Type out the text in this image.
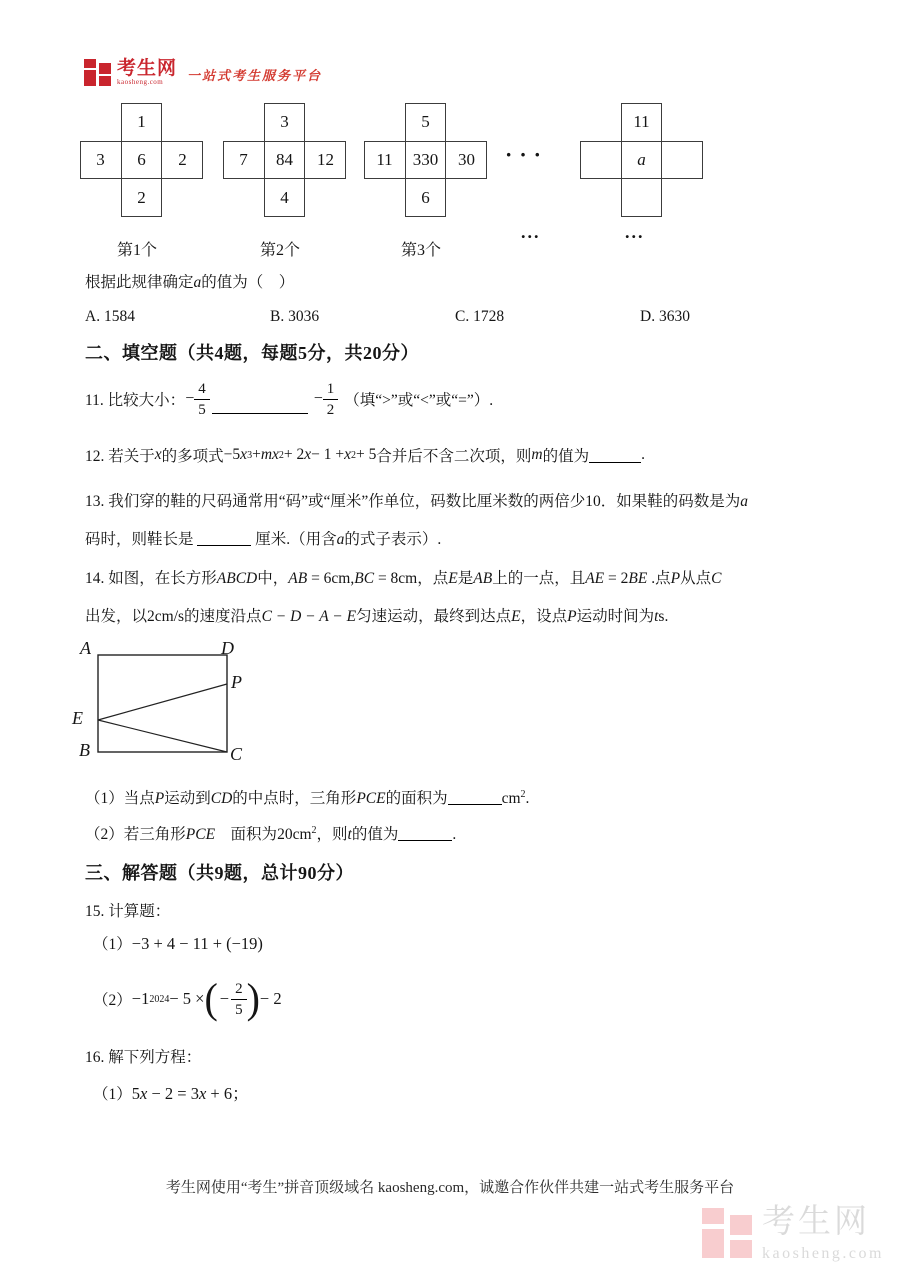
考生网
kaosheng.com	一站式考生服务平台
1
3	6	2
2
3
7	84	12
4
5
11	330	30
6
···
11
a
第1个	第2个	第3个
...	...
根据此规律确定a的值为（　）
A. 1584	B. 3036	C. 1728	D. 3630
二、填空题（共4题，每题5分，共20分）
11. 比较大小： − $\frac{4}{5}$	− $\frac{1}{2}$ （填“>”或“<”或“=”）.
12. 若关于 x 的多项式 −5 x 3 + mx 2 + 2 x − 1 + x 2 + 5 合并后不含二次项，则 m 的值为	.
13. 我们穿的鞋的尺码通常用“码”或“厘米”作单位，码数比厘米数的两倍少10．如果鞋的码数是为a
码时，则鞋长是	厘米.（用含a的式子表示）.
14. 如图，在长方形ABCD中，AB = 6cm,BC = 8cm，点E是AB上的一点，且AE = 2BE .点P从点C
出发，以2cm/s的速度沿点C − D − A − E匀速运动，最终到达点E，设点P运动时间为ts.
A	D
P
E
B	C
（1）当点P运动到CD的中点时，三角形PCE的面积为	$cm^2$.
（2）若三角形PCE　面积为$20cm^2$，则t的值为	.
三、解答题（共9题，总计90分）
15. 计算题：
（1）−3 + 4 − 11 + (−19)
（2） −1 2024 − 5 × ( − $\frac{2}{5}$ ) − 2
16. 解下列方程：
（1）5x − 2 = 3x + 6；
考生网使用“考生”拼音顶级域名 kaosheng.com，诚邀合作伙伴共建一站式考生服务平台
考生网
kaosheng.com
